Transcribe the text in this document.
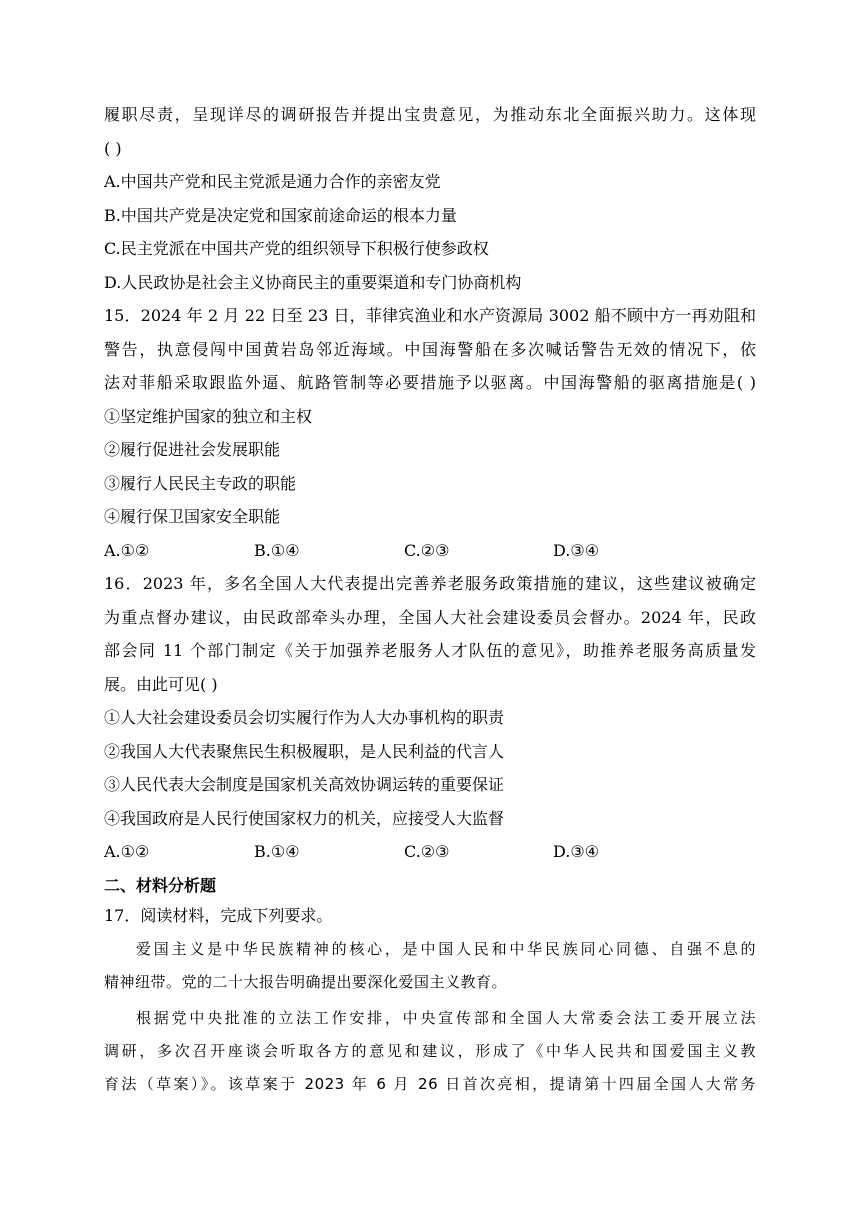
履职尽责，呈现详尽的调研报告并提出宝贵意见，为推动东北全面振兴助力。这体现
( )
A.中国共产党和民主党派是通力合作的亲密友党
B.中国共产党是决定党和国家前途命运的根本力量
C.民主党派在中国共产党的组织领导下积极行使参政权
D.人民政协是社会主义协商民主的重要渠道和专门协商机构
15．2024 年 2 月 22 日至 23 日，菲律宾渔业和水产资源局 3002 船不顾中方一再劝阻和
警告，执意侵闯中国黄岩岛邻近海域。中国海警船在多次喊话警告无效的情况下，依
法对菲船采取跟监外逼、航路管制等必要措施予以驱离。中国海警船的驱离措施是( )
①坚定维护国家的独立和主权
②履行促进社会发展职能
③履行人民民主专政的职能
④履行保卫国家安全职能
A.①②	B.①④	C.②③	D.③④
16．2023 年，多名全国人大代表提出完善养老服务政策措施的建议，这些建议被确定
为重点督办建议，由民政部牵头办理，全国人大社会建设委员会督办。2024 年，民政
部会同 11 个部门制定《关于加强养老服务人才队伍的意见》，助推养老服务高质量发
展。由此可见( )
①人大社会建设委员会切实履行作为人大办事机构的职责
②我国人大代表聚焦民生积极履职，是人民利益的代言人
③人民代表大会制度是国家机关高效协调运转的重要保证
④我国政府是人民行使国家权力的机关，应接受人大监督
A.①②	B.①④	C.②③	D.③④
二、材料分析题
17．阅读材料，完成下列要求。
爱国主义是中华民族精神的核心，是中国人民和中华民族同心同德、自强不息的
精神纽带。党的二十大报告明确提出要深化爱国主义教育。
根据党中央批准的立法工作安排，中央宣传部和全国人大常委会法工委开展立法
调研，多次召开座谈会听取各方的意见和建议，形成了《中华人民共和国爱国主义教
育法（草案）》。该草案于 2023 年 6 月 26 日首次亮相，提请第十四届全国人大常务
